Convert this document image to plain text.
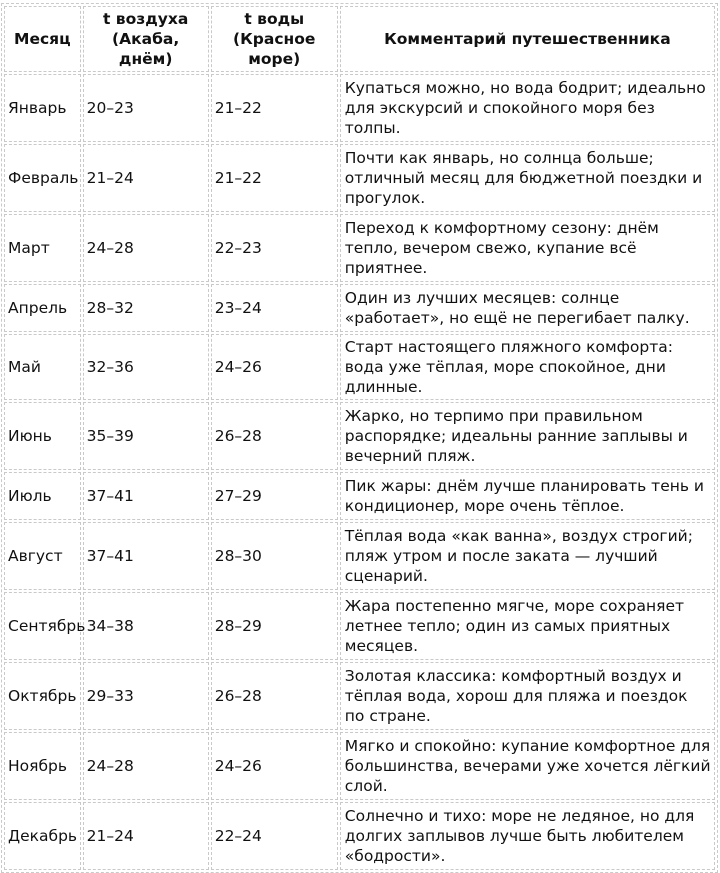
Месяц	t воздуха (Акаба, днём)	t воды (Красное море)	Комментарий путешественника
Январь	20–23	21–22	Купаться можно, но вода бодрит; идеально для экскурсий и спокойного моря без толпы.
Февраль	21–24	21–22	Почти как январь, но солнца больше; отличный месяц для бюджетной поездки и прогулок.
Март	24–28	22–23	Переход к комфортному сезону: днём тепло, вечером свежо, купание всё приятнее.
Апрель	28–32	23–24	Один из лучших месяцев: солнце «работает», но ещё не перегибает палку.
Май	32–36	24–26	Старт настоящего пляжного комфорта: вода уже тёплая, море спокойное, дни длинные.
Июнь	35–39	26–28	Жарко, но терпимо при правильном распорядке; идеальны ранние заплывы и вечерний пляж.
Июль	37–41	27–29	Пик жары: днём лучше планировать тень и кондиционер, море очень тёплое.
Август	37–41	28–30	Тёплая вода «как ванна», воздух строгий; пляж утром и после заката — лучший сценарий.
Сентябрь	34–38	28–29	Жара постепенно мягче, море сохраняет летнее тепло; один из самых приятных месяцев.
Октябрь	29–33	26–28	Золотая классика: комфортный воздух и тёплая вода, хорош для пляжа и поездок по стране.
Ноябрь	24–28	24–26	Мягко и спокойно: купание комфортное для большинства, вечерами уже хочется лёгкий слой.
Декабрь	21–24	22–24	Солнечно и тихо: море не ледяное, но для долгих заплывов лучше быть любителем «бодрости».
